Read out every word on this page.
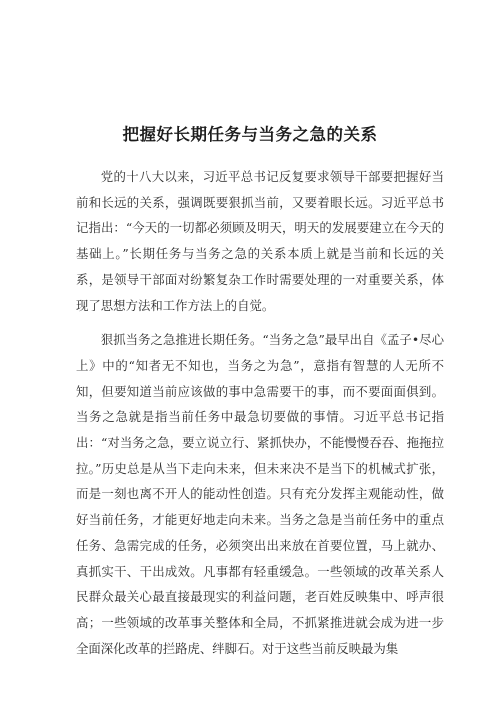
把握好长期任务与当务之急的关系

党的十八大以来，习近平总书记反复要求领导干部要把握好当前和长远的关系，强调既要狠抓当前，又要着眼长远。习近平总书记指出：“今天的一切都必须顾及明天，明天的发展要建立在今天的基础上。”长期任务与当务之急的关系本质上就是当前和长远的关系，是领导干部面对纷繁复杂工作时需要处理的一对重要关系，体现了思想方法和工作方法上的自觉。

狠抓当务之急推进长期任务。“当务之急”最早出自《孟子•尽心上》中的“知者无不知也，当务之为急”，意指有智慧的人无所不知，但要知道当前应该做的事中急需要干的事，而不要面面俱到。当务之急就是指当前任务中最急切要做的事情。习近平总书记指出：“对当务之急，要立说立行、紧抓快办，不能慢慢吞吞、拖拖拉拉。”历史总是从当下走向未来，但未来决不是当下的机械式扩张，而是一刻也离不开人的能动性创造。只有充分发挥主观能动性，做好当前任务，才能更好地走向未来。当务之急是当前任务中的重点任务、急需完成的任务，必须突出出来放在首要位置，马上就办、真抓实干、干出成效。凡事都有轻重缓急。一些领域的改革关系人民群众最关心最直接最现实的利益问题，老百姓反映集中、呼声很高；一些领域的改革事关整体和全局，不抓紧推进就会成为进一步全面深化改革的拦路虎、绊脚石。对于这些当前反映最为集
